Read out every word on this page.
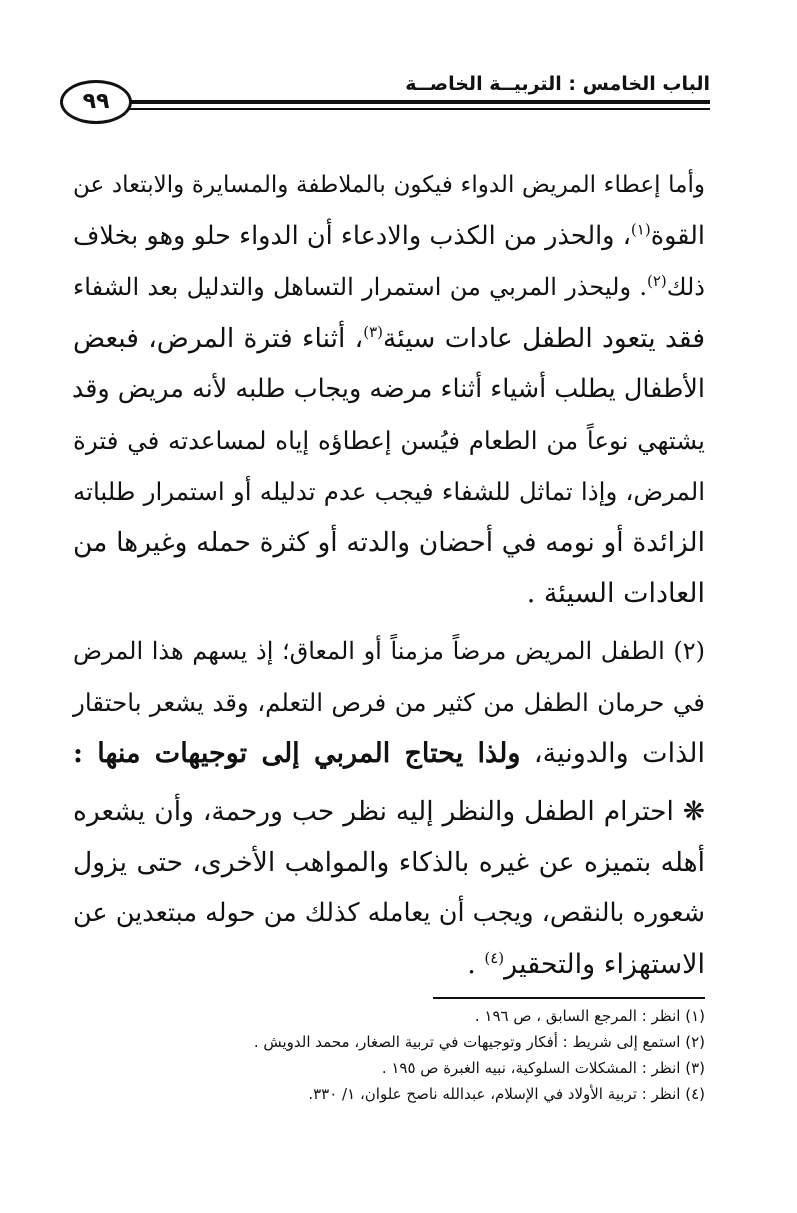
الباب الخامس : التربيــة الخاصــة
٩٩

وأما إعطاء المريض الدواء فيكون بالملاطفة والمسايرة والابتعاد عن
القوة$^{(١)}$، والحذر من الكذب والادعاء أن الدواء حلو وهو بخلاف
ذلك$^{(٢)}$. وليحذر المربي من استمرار التساهل والتدليل بعد الشفاء
فقد يتعود الطفل عادات سيئة$^{(٣)}$، أثناء فترة المرض، فبعض
الأطفال يطلب أشياء أثناء مرضه ويجاب طلبه لأنه مريض وقد
يشتهي نوعاً من الطعام فيُسن إعطاؤه إياه لمساعدته في فترة
المرض، وإذا تماثل للشفاء فيجب عدم تدليله أو استمرار طلباته
الزائدة أو نومه في أحضان والدته أو كثرة حمله وغيرها من
العادات السيئة .

(٢) الطفل المريض مرضاً مزمناً أو المعاق؛ إذ يسهم هذا المرض
في حرمان الطفل من كثير من فرص التعلم، وقد يشعر باحتقار
الذات والدونية، ولذا يحتاج المربي إلى توجيهات منها :

❋ احترام الطفل والنظر إليه نظر حب ورحمة، وأن يشعره
أهله بتميزه عن غيره بالذكاء والمواهب الأخرى، حتى يزول
شعوره بالنقص، ويجب أن يعامله كذلك من حوله مبتعدين عن
الاستهزاء والتحقير$^{(٤)}$ .

(١) انظر : المرجع السابق ، ص ١٩٦ .
(٢) استمع إلى شريط : أفكار وتوجيهات في تربية الصغار، محمد الدويش .
(٣) انظر : المشكلات السلوكية، نبيه الغبرة ص ١٩٥ .
(٤) انظر : تربية الأولاد في الإسلام، عبدالله ناصح علوان، ١/ ٣٣٠.
